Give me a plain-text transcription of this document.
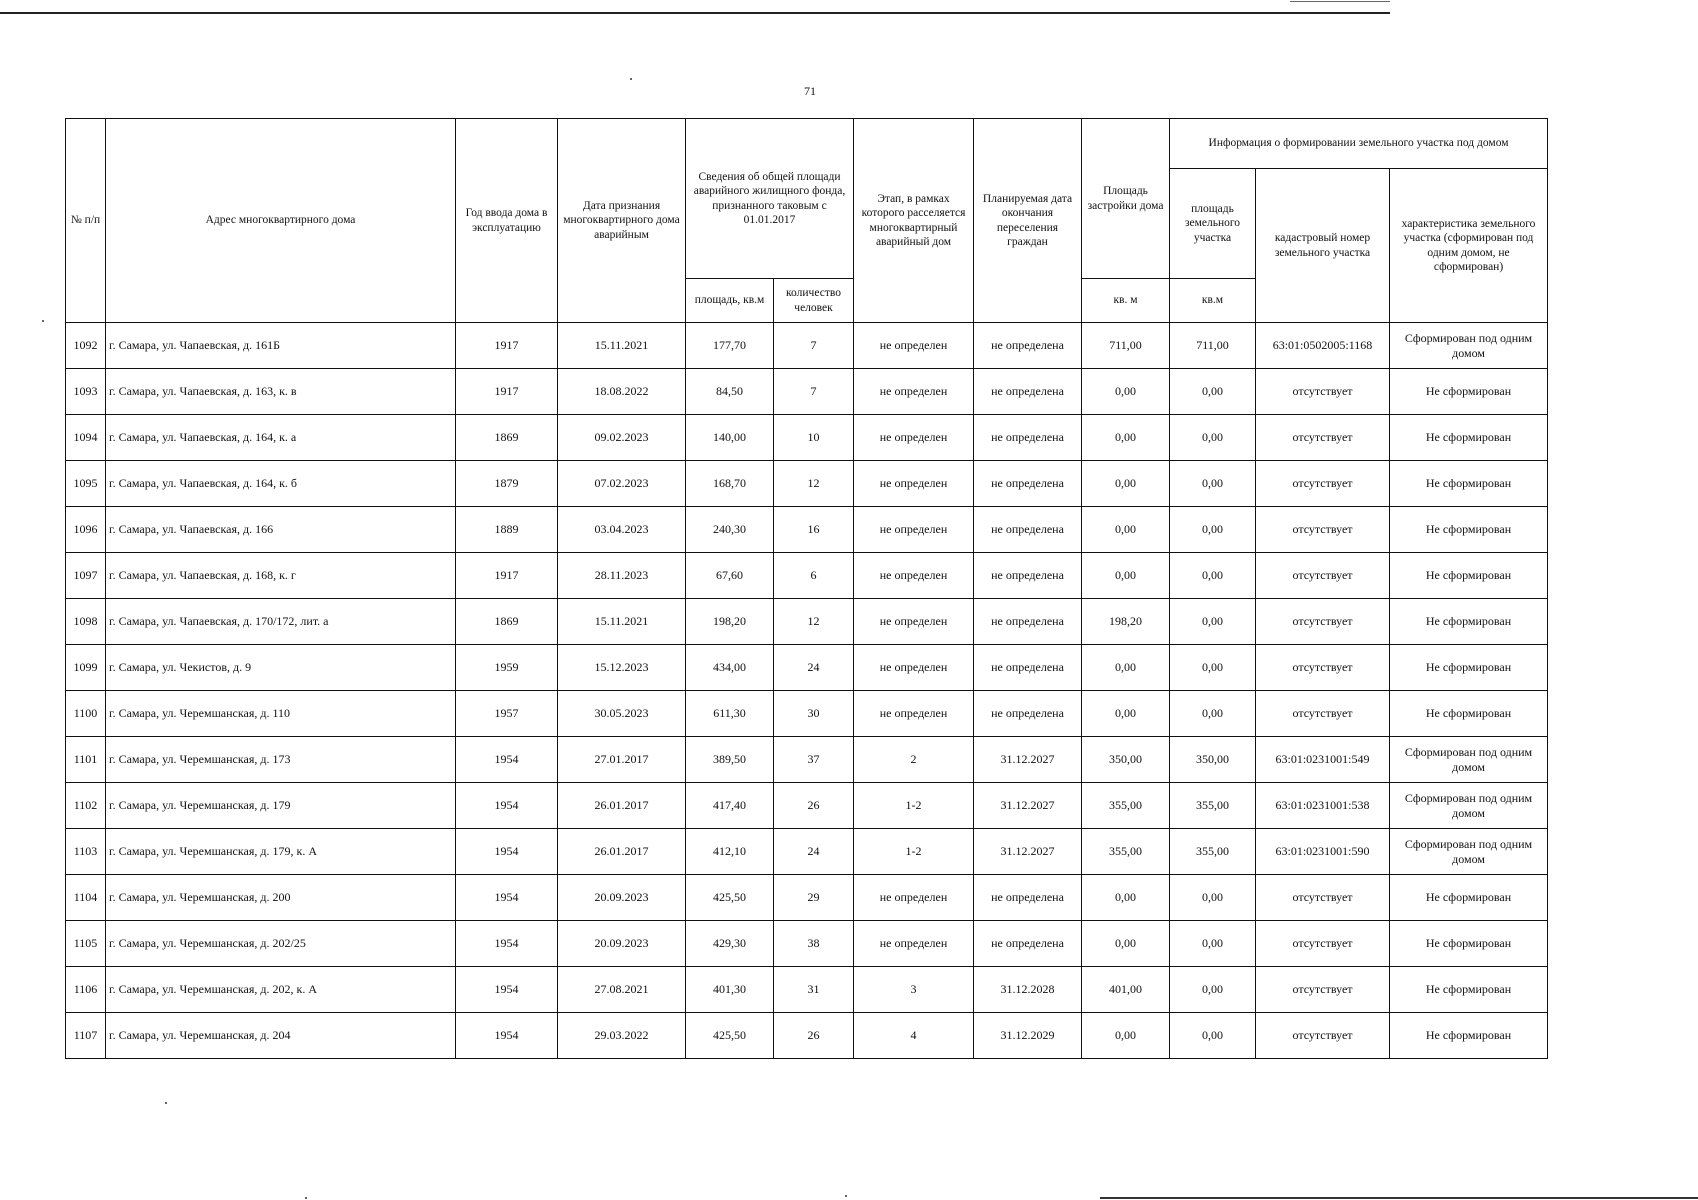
71
№ п/п	Адрес многоквартирного дома	Год ввода дома в эксплуатацию	Дата признания многоквартирного дома аварийным	Сведения об общей площади аварийного жилищного фонда, признанного таковым с 01.01.2017		Этап, в рамках которого расселяется многоквартирный аварийный дом	Планируемая дата окончания переселения граждан	Площадь застройки дома	Информация о формировании земельного участка под домом		
									площадь земельного участка	кадастровый номер земельного участка	характеристика земельного участка (сформирован под одним домом, не сформирован)
				площадь, кв.м	количество человек			кв. м	кв.м		
1092	г. Самара, ул. Чапаевская, д. 161Б	1917	15.11.2021	177,70	7	не определен	не определена	711,00	711,00	63:01:0502005:1168	Сформирован под одним домом
1093	г. Самара, ул. Чапаевская, д. 163, к. в	1917	18.08.2022	84,50	7	не определен	не определена	0,00	0,00	отсутствует	Не сформирован
1094	г. Самара, ул. Чапаевская, д. 164, к. а	1869	09.02.2023	140,00	10	не определен	не определена	0,00	0,00	отсутствует	Не сформирован
1095	г. Самара, ул. Чапаевская, д. 164, к. б	1879	07.02.2023	168,70	12	не определен	не определена	0,00	0,00	отсутствует	Не сформирован
1096	г. Самара, ул. Чапаевская, д. 166	1889	03.04.2023	240,30	16	не определен	не определена	0,00	0,00	отсутствует	Не сформирован
1097	г. Самара, ул. Чапаевская, д. 168, к. г	1917	28.11.2023	67,60	6	не определен	не определена	0,00	0,00	отсутствует	Не сформирован
1098	г. Самара, ул. Чапаевская, д. 170/172, лит. а	1869	15.11.2021	198,20	12	не определен	не определена	198,20	0,00	отсутствует	Не сформирован
1099	г. Самара, ул. Чекистов, д. 9	1959	15.12.2023	434,00	24	не определен	не определена	0,00	0,00	отсутствует	Не сформирован
1100	г. Самара, ул. Черемшанская, д. 110	1957	30.05.2023	611,30	30	не определен	не определена	0,00	0,00	отсутствует	Не сформирован
1101	г. Самара, ул. Черемшанская, д. 173	1954	27.01.2017	389,50	37	2	31.12.2027	350,00	350,00	63:01:0231001:549	Сформирован под одним домом
1102	г. Самара, ул. Черемшанская, д. 179	1954	26.01.2017	417,40	26	1-2	31.12.2027	355,00	355,00	63:01:0231001:538	Сформирован под одним домом
1103	г. Самара, ул. Черемшанская, д. 179, к. А	1954	26.01.2017	412,10	24	1-2	31.12.2027	355,00	355,00	63:01:0231001:590	Сформирован под одним домом
1104	г. Самара, ул. Черемшанская, д. 200	1954	20.09.2023	425,50	29	не определен	не определена	0,00	0,00	отсутствует	Не сформирован
1105	г. Самара, ул. Черемшанская, д. 202/25	1954	20.09.2023	429,30	38	не определен	не определена	0,00	0,00	отсутствует	Не сформирован
1106	г. Самара, ул. Черемшанская, д. 202, к. А	1954	27.08.2021	401,30	31	3	31.12.2028	401,00	0,00	отсутствует	Не сформирован
1107	г. Самара, ул. Черемшанская, д. 204	1954	29.03.2022	425,50	26	4	31.12.2029	0,00	0,00	отсутствует	Не сформирован
